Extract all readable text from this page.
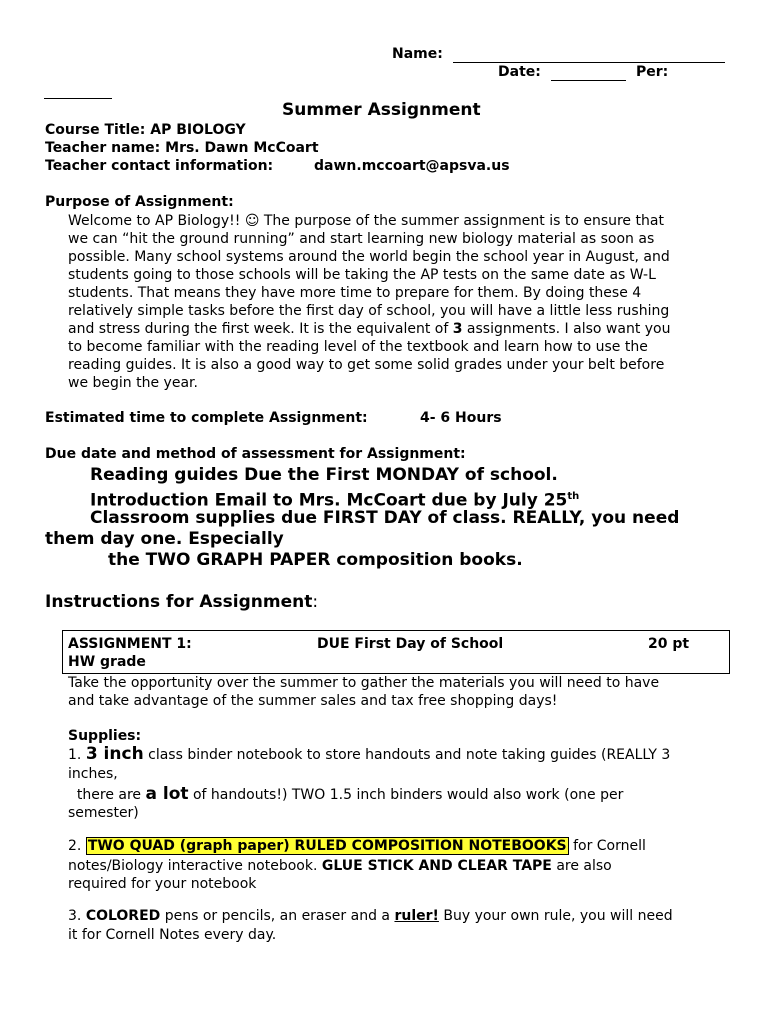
Name:
Date:	Per:
Summer Assignment
Course Title: AP BIOLOGY
Teacher name: Mrs. Dawn McCoart
Teacher contact information:	dawn.mccoart@apsva.us
Purpose of Assignment:
Welcome to AP Biology!! ☺ The purpose of the summer assignment is to ensure that
we can “hit the ground running” and start learning new biology material as soon as
possible. Many school systems around the world begin the school year in August, and
students going to those schools will be taking the AP tests on the same date as W-L
students. That means they have more time to prepare for them. By doing these 4
relatively simple tasks before the first day of school, you will have a little less rushing
and stress during the first week. It is the equivalent of 3 assignments. I also want you
to become familiar with the reading level of the textbook and learn how to use the
reading guides. It is also a good way to get some solid grades under your belt before
we begin the year.
Estimated time to complete Assignment:	4- 6 Hours
Due date and method of assessment for Assignment:
Reading guides Due the First MONDAY of school.
Introduction Email to Mrs. McCoart due by July 25th
Classroom supplies due FIRST DAY of class. REALLY, you need
them day one. Especially
the TWO GRAPH PAPER composition books.
Instructions for Assignment:
ASSIGNMENT 1:	DUE First Day of School	20 pt
HW grade
Take the opportunity over the summer to gather the materials you will need to have
and take advantage of the summer sales and tax free shopping days!
Supplies:
1. 3 inch class binder notebook to store handouts and note taking guides (REALLY 3
inches,
there are a lot of handouts!) TWO 1.5 inch binders would also work (one per
semester)
2. TWO QUAD (graph paper) RULED COMPOSITION NOTEBOOKS for Cornell
notes/Biology interactive notebook. GLUE STICK AND CLEAR TAPE are also
required for your notebook
3. COLORED pens or pencils, an eraser and a ruler! Buy your own rule, you will need
it for Cornell Notes every day.
